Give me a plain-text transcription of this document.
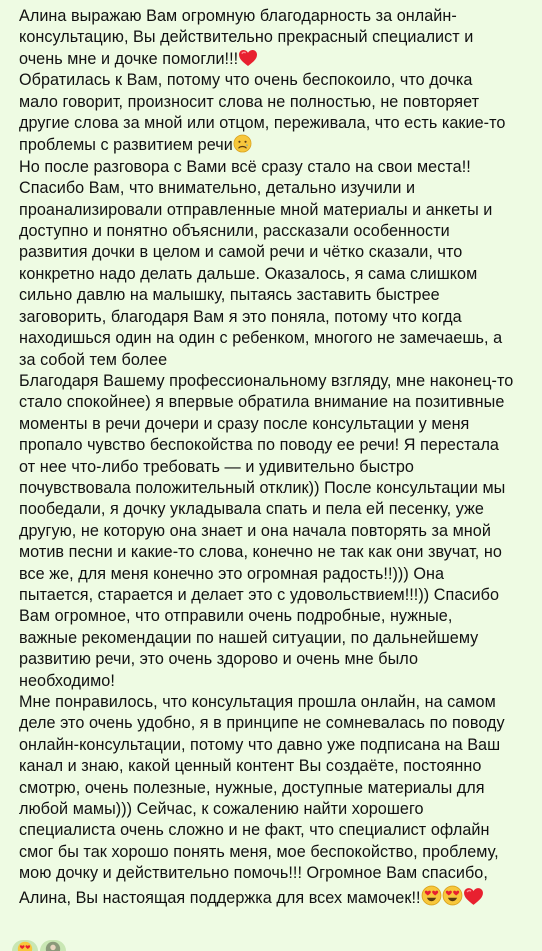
Алина выражаю Вам огромную благодарность за онлайн-
консультацию, Вы действительно прекрасный специалист и
очень мне и дочке помогли!!!
Обратилась к Вам, потому что очень беспокоило, что дочка
мало говорит, произносит слова не полностью, не повторяет
другие слова за мной или отцом, переживала, что есть какие-то
проблемы с развитием речи
Но после разговора с Вами всё сразу стало на свои места!!
Спасибо Вам, что внимательно, детально изучили и
проанализировали отправленные мной материалы и анкеты и
доступно и понятно объяснили, рассказали особенности
развития дочки в целом и самой речи и чётко сказали, что
конкретно надо делать дальше. Оказалось, я сама слишком
сильно давлю на малышку, пытаясь заставить быстрее
заговорить, благодаря Вам я это поняла, потому что когда
находишься один на один с ребенком, многого не замечаешь, а
за собой тем более
Благодаря Вашему профессиональному взгляду, мне наконец-то
стало спокойнее) я впервые обратила внимание на позитивные
моменты в речи дочери и сразу после консультации у меня
пропало чувство беспокойства по поводу ее речи! Я перестала
от нее что-либо требовать — и удивительно быстро
почувствовала положительный отклик)) После консультации мы
пообедали, я дочку укладывала спать и пела ей песенку, уже
другую, не которую она знает и она начала повторять за мной
мотив песни и какие-то слова, конечно не так как они звучат, но
все же, для меня конечно это огромная радость!!))) Она
пытается, старается и делает это с удовольствием!!!)) Спасибо
Вам огромное, что отправили очень подробные, нужные,
важные рекомендации по нашей ситуации, по дальнейшему
развитию речи, это очень здорово и очень мне было
необходимо!
Мне понравилось, что консультация прошла онлайн, на самом
деле это очень удобно, я в принципе не сомневалась по поводу
онлайн-консультации, потому что давно уже подписана на Ваш
канал и знаю, какой ценный контент Вы создаёте, постоянно
смотрю, очень полезные, нужные, доступные материалы для
любой мамы))) Сейчас, к сожалению найти хорошего
специалиста очень сложно и не факт, что специалист офлайн
смог бы так хорошо понять меня, мое беспокойство, проблему,
мою дочку и действительно помочь!!! Огромное Вам спасибо,
Алина, Вы настоящая поддержка для всех мамочек!!
